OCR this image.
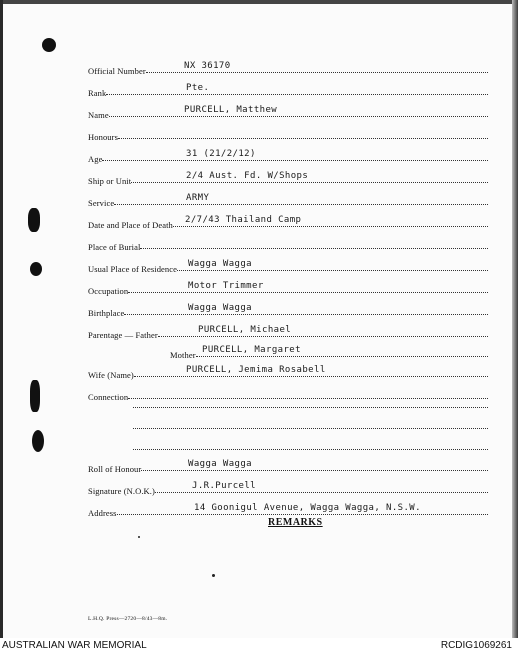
Official Number	NX 36170
Rank	Pte.
Name	PURCELL, Matthew
Honours
Age	31 (21/2/12)
Ship or Unit	2/4 Aust. Fd. W/Shops
Service	ARMY
Date and Place of Death 2/7/43 Thailand Camp
Place of Burial
Usual Place of Residence Wagga Wagga
Occupation	Motor Trimmer
Birthplace	Wagga Wagga
Parentage — Father	PURCELL, Michael
Mother PURCELL, Margaret
Wife (Name)	PURCELL, Jemima Rosabell
Connection
Roll of Honour	Wagga Wagga
Signature (N.O.K.)	J.R.Purcell
Address	14 Goonigul Avenue, Wagga Wagga, N.S.W.
REMARKS
L.H.Q. Press—2720—8/43—8m.
AUSTRALIAN WAR MEMORIAL	RCDIG1069261
